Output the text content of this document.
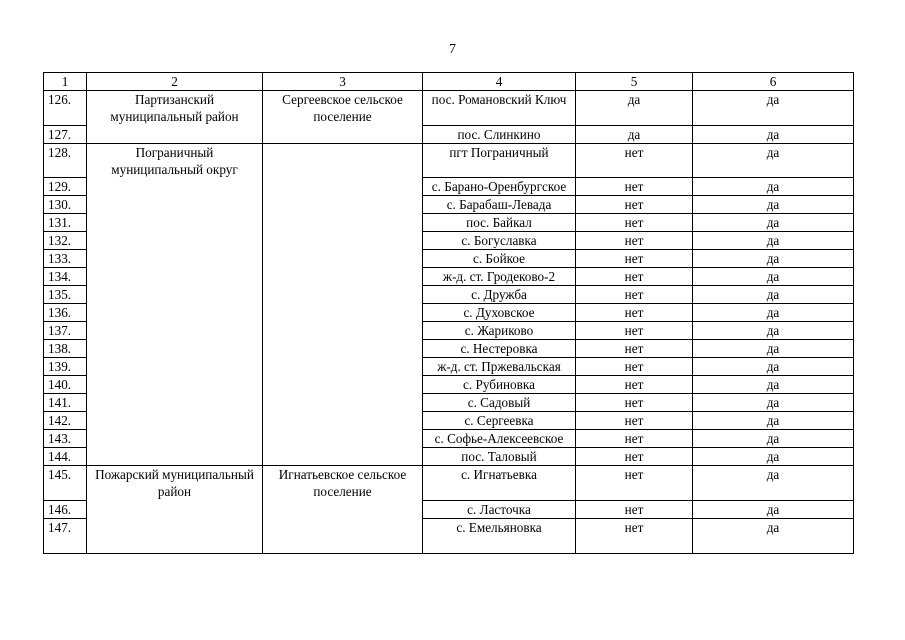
7
1	2	3	4	5	6
126.	Партизанский муниципальный район	Сергеевское сельское поселение	пос. Романовский Ключ	да	да
127.			пос. Слинкино	да	да
128.	Пограничный муниципальный округ		пгт Пограничный	нет	да
129.			с. Барано-Оренбургское	нет	да
130.			с. Барабаш-Левада	нет	да
131.			пос. Байкал	нет	да
132.			с. Богуславка	нет	да
133.			с. Бойкое	нет	да
134.			ж-д. ст. Гродеково-2	нет	да
135.			с. Дружба	нет	да
136.			с. Духовское	нет	да
137.			с. Жариково	нет	да
138.			с. Нестеровка	нет	да
139.			ж-д. ст. Пржевальская	нет	да
140.			с. Рубиновка	нет	да
141.			с. Садовый	нет	да
142.			с. Сергеевка	нет	да
143.			с. Софье-Алексеевское	нет	да
144.			пос. Таловый	нет	да
145.	Пожарский муниципальный район	Игнатьевское сельское поселение	с. Игнатьевка	нет	да
146.			с. Ласточка	нет	да
147.			с. Емельяновка	нет	да
